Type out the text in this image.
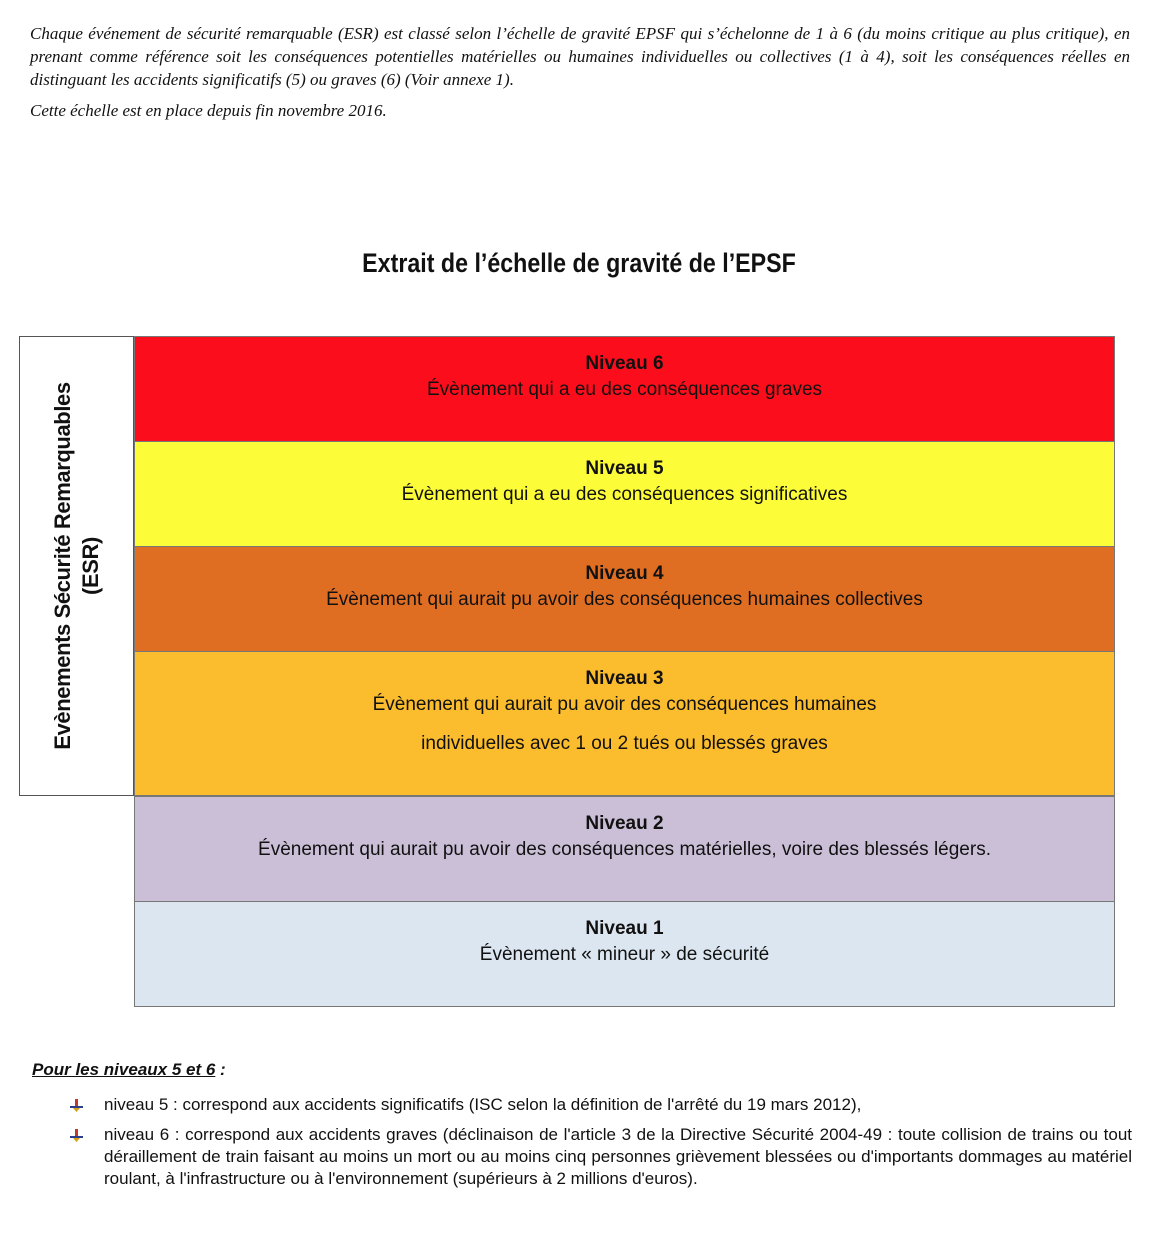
Chaque événement de sécurité remarquable (ESR) est classé selon l’échelle de gravité EPSF qui s’échelonne de 1 à 6 (du moins critique au plus critique), en prenant comme référence soit les conséquences potentielles matérielles ou humaines individuelles ou collectives (1 à 4), soit les conséquences réelles en distinguant les accidents significatifs (5) ou graves (6) (Voir annexe 1).

Cette échelle est en place depuis fin novembre 2016.

Extrait de l’échelle de gravité de l’EPSF
Evènements Sécurité Remarquables (ESR)
Niveau 6
Évènement qui a eu des conséquences graves
Niveau 5
Évènement qui a eu des conséquences significatives
Niveau 4
Évènement qui aurait pu avoir des conséquences humaines collectives
Niveau 3
Évènement qui aurait pu avoir des conséquences humaines individuelles avec 1 ou 2 tués ou blessés graves
Niveau 2
Évènement qui aurait pu avoir des conséquences matérielles, voire des blessés légers.
Niveau 1
Évènement « mineur » de sécurité
Pour les niveaux 5 et 6 :
niveau 5 : correspond aux accidents significatifs (ISC selon la définition de l'arrêté du 19 mars 2012),
niveau 6 : correspond aux accidents graves (déclinaison de l'article 3 de la Directive Sécurité 2004-49 : toute collision de trains ou tout déraillement de train faisant au moins un mort ou au moins cinq personnes grièvement blessées ou d'importants dommages au matériel roulant, à l'infrastructure ou à l'environnement (supérieurs à 2 millions d'euros).
